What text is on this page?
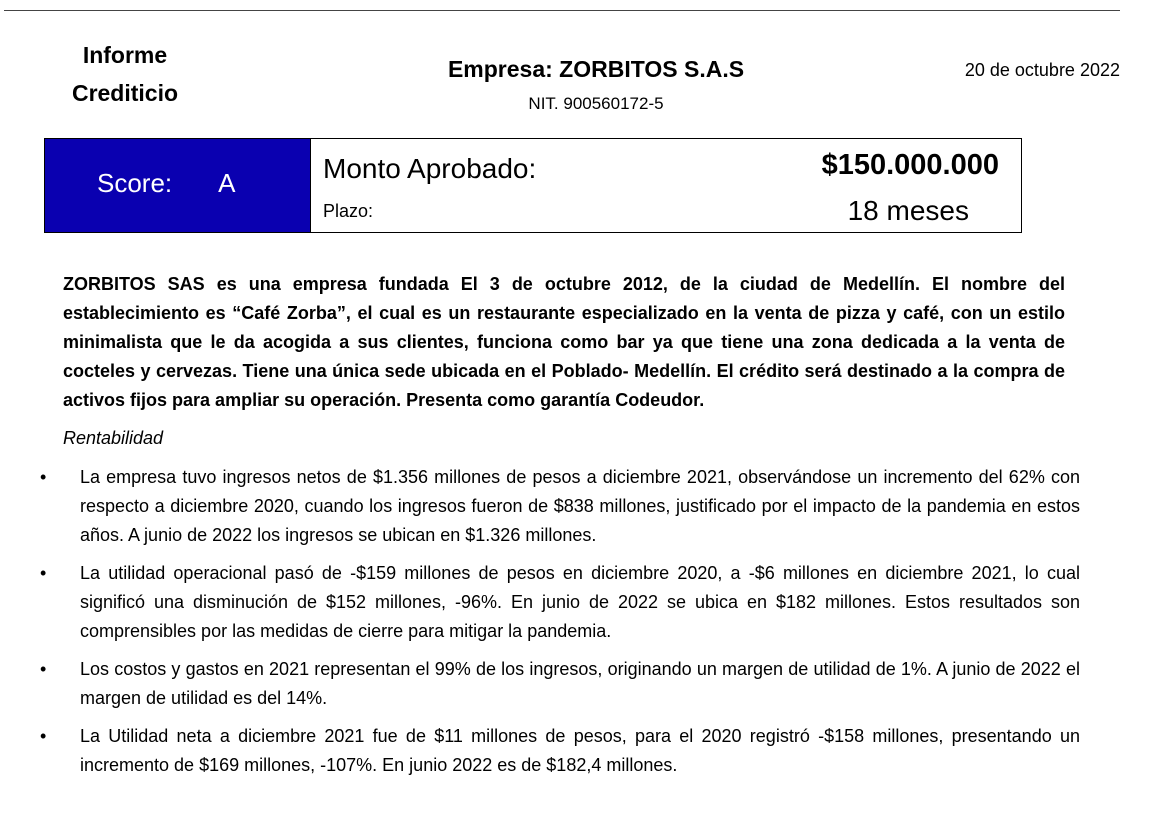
Informe Crediticio
Empresa: ZORBITOS S.A.S
NIT. 900560172-5
20 de octubre 2022
Score: A	Monto Aprobado:	$150.000.000
Plazo:	18 meses

ZORBITOS SAS es una empresa fundada El 3 de octubre 2012, de la ciudad de Medellín. El nombre del establecimiento es “Café Zorba”, el cual es un restaurante especializado en la venta de pizza y café, con un estilo minimalista que le da acogida a sus clientes, funciona como bar ya que tiene una zona dedicada a la venta de cocteles y cervezas. Tiene una única sede ubicada en el Poblado- Medellín. El crédito será destinado a la compra de activos fijos para ampliar su operación. Presenta como garantía Codeudor.

Rentabilidad
•	La empresa tuvo ingresos netos de $1.356 millones de pesos a diciembre 2021, observándose un incremento del 62% con respecto a diciembre 2020, cuando los ingresos fueron de $838 millones, justificado por el impacto de la pandemia en estos años. A junio de 2022 los ingresos se ubican en $1.326 millones.
•	La utilidad operacional pasó de -$159 millones de pesos en diciembre 2020, a -$6 millones en diciembre 2021, lo cual significó una disminución de $152 millones, -96%. En junio de 2022 se ubica en $182 millones. Estos resultados son comprensibles por las medidas de cierre para mitigar la pandemia.
•	Los costos y gastos en 2021 representan el 99% de los ingresos, originando un margen de utilidad de 1%. A junio de 2022 el margen de utilidad es del 14%.
•	La Utilidad neta a diciembre 2021 fue de $11 millones de pesos, para el 2020 registró -$158 millones, presentando un incremento de $169 millones, -107%. En junio 2022 es de $182,4 millones.
